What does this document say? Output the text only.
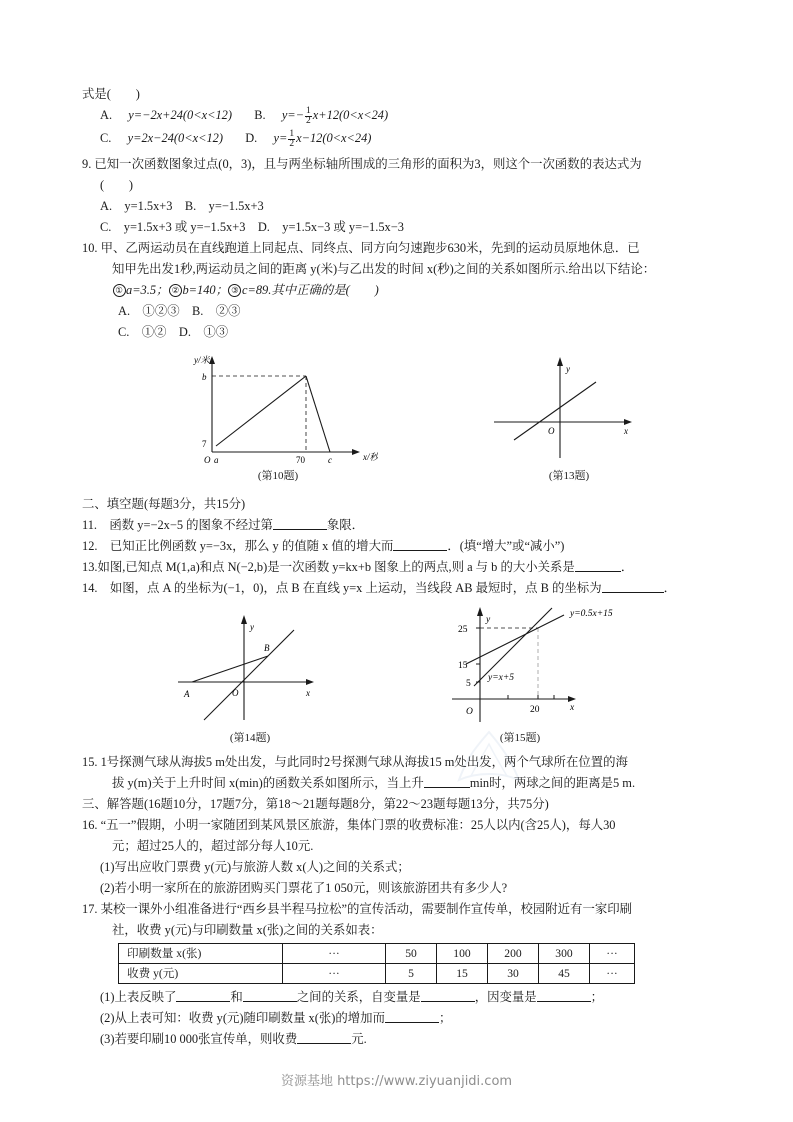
式是(　　)

A. y=−2x+24(0<x<12) B. $y=- \frac{1}{2} x+12(0<x<24)$

C. y=2x−24(0<x<12) D. $y= \frac{1}{2} x-12(0<x<24)$

9. 已知一次函数图象过点(0，3)，且与两坐标轴所围成的三角形的面积为3，则这个一次函数的表达式为

(　　)

A.　y=1.5x+3　B.　y=−1.5x+3

C.　y=1.5x+3 或 y=−1.5x+3　D.　y=1.5x−3 或 y=−1.5x−3

10. 甲、乙两运动员在直线跑道上同起点、同终点、同方向匀速跑步630米，先到的运动员原地休息．已

知甲先出发1秒,两运动员之间的距离 y(米)与乙出发的时间 x(秒)之间的关系如图所示.给出以下结论：

① a=3.5； ② b=140； ③ c=89.其中正确的是(　　)

A.　①②③　B.　②③

C.　①②　D.　①③

y/米
x/秒
b
7
O a	70	c
(第10题)
y
x
O
(第13题)

二、填空题(每题3分，共15分)

11.　函数 y=−2x−5 的图象不经过第	象限．

12.　已知正比例函数 y=−3x，那么 y 的值随 x 值的增大而	．(填“增大”或“减小”)

13.如图,已知点 M(1,a)和点 N(−2,b)是一次函数 y=kx+b 图象上的两点,则 a 与 b 的大小关系是	．

14.　如图，点 A 的坐标为(−1，0)，点 B 在直线 y=x 上运动，当线段 AB 最短时，点 B 的坐标为	．

y
x
O
A
B
(第14题)
25
15
5
20
O
y
x
y=0.5x+15
y=x+5
(第15题)

15. 1号探测气球从海拔5 m处出发，与此同时2号探测气球从海拔15 m处出发，两个气球所在位置的海

拔 y(m)关于上升时间 x(min)的函数关系如图所示，当上升	min时，两球之间的距离是5 m.

三、解答题(16题10分，17题7分，第18～21题每题8分，第22～23题每题13分，共75分)

16. “五一”假期，小明一家随团到某风景区旅游，集体门票的收费标准：25人以内(含25人)，每人30

元；超过25人的，超过部分每人10元.

(1)写出应收门票费 y(元)与旅游人数 x(人)之间的关系式；

(2)若小明一家所在的旅游团购买门票花了1 050元，则该旅游团共有多少人?

17. 某校一课外小组准备进行“西乡县半程马拉松”的宣传活动，需要制作宣传单，校园附近有一家印刷

社，收费 y(元)与印刷数量 x(张)之间的关系如表：

印刷数量 x(张)	···	50	100	200	300	···
收费 y(元)	···	5	15	30	45	···

(1)上表反映了	和	之间的关系，自变量是	，因变量是	；

(2)从上表可知：收费 y(元)随印刷数量 x(张)的增加而	；

(3)若要印刷10 000张宣传单，则收费	元.

资源基地 https://www.ziyuanjidi.com
